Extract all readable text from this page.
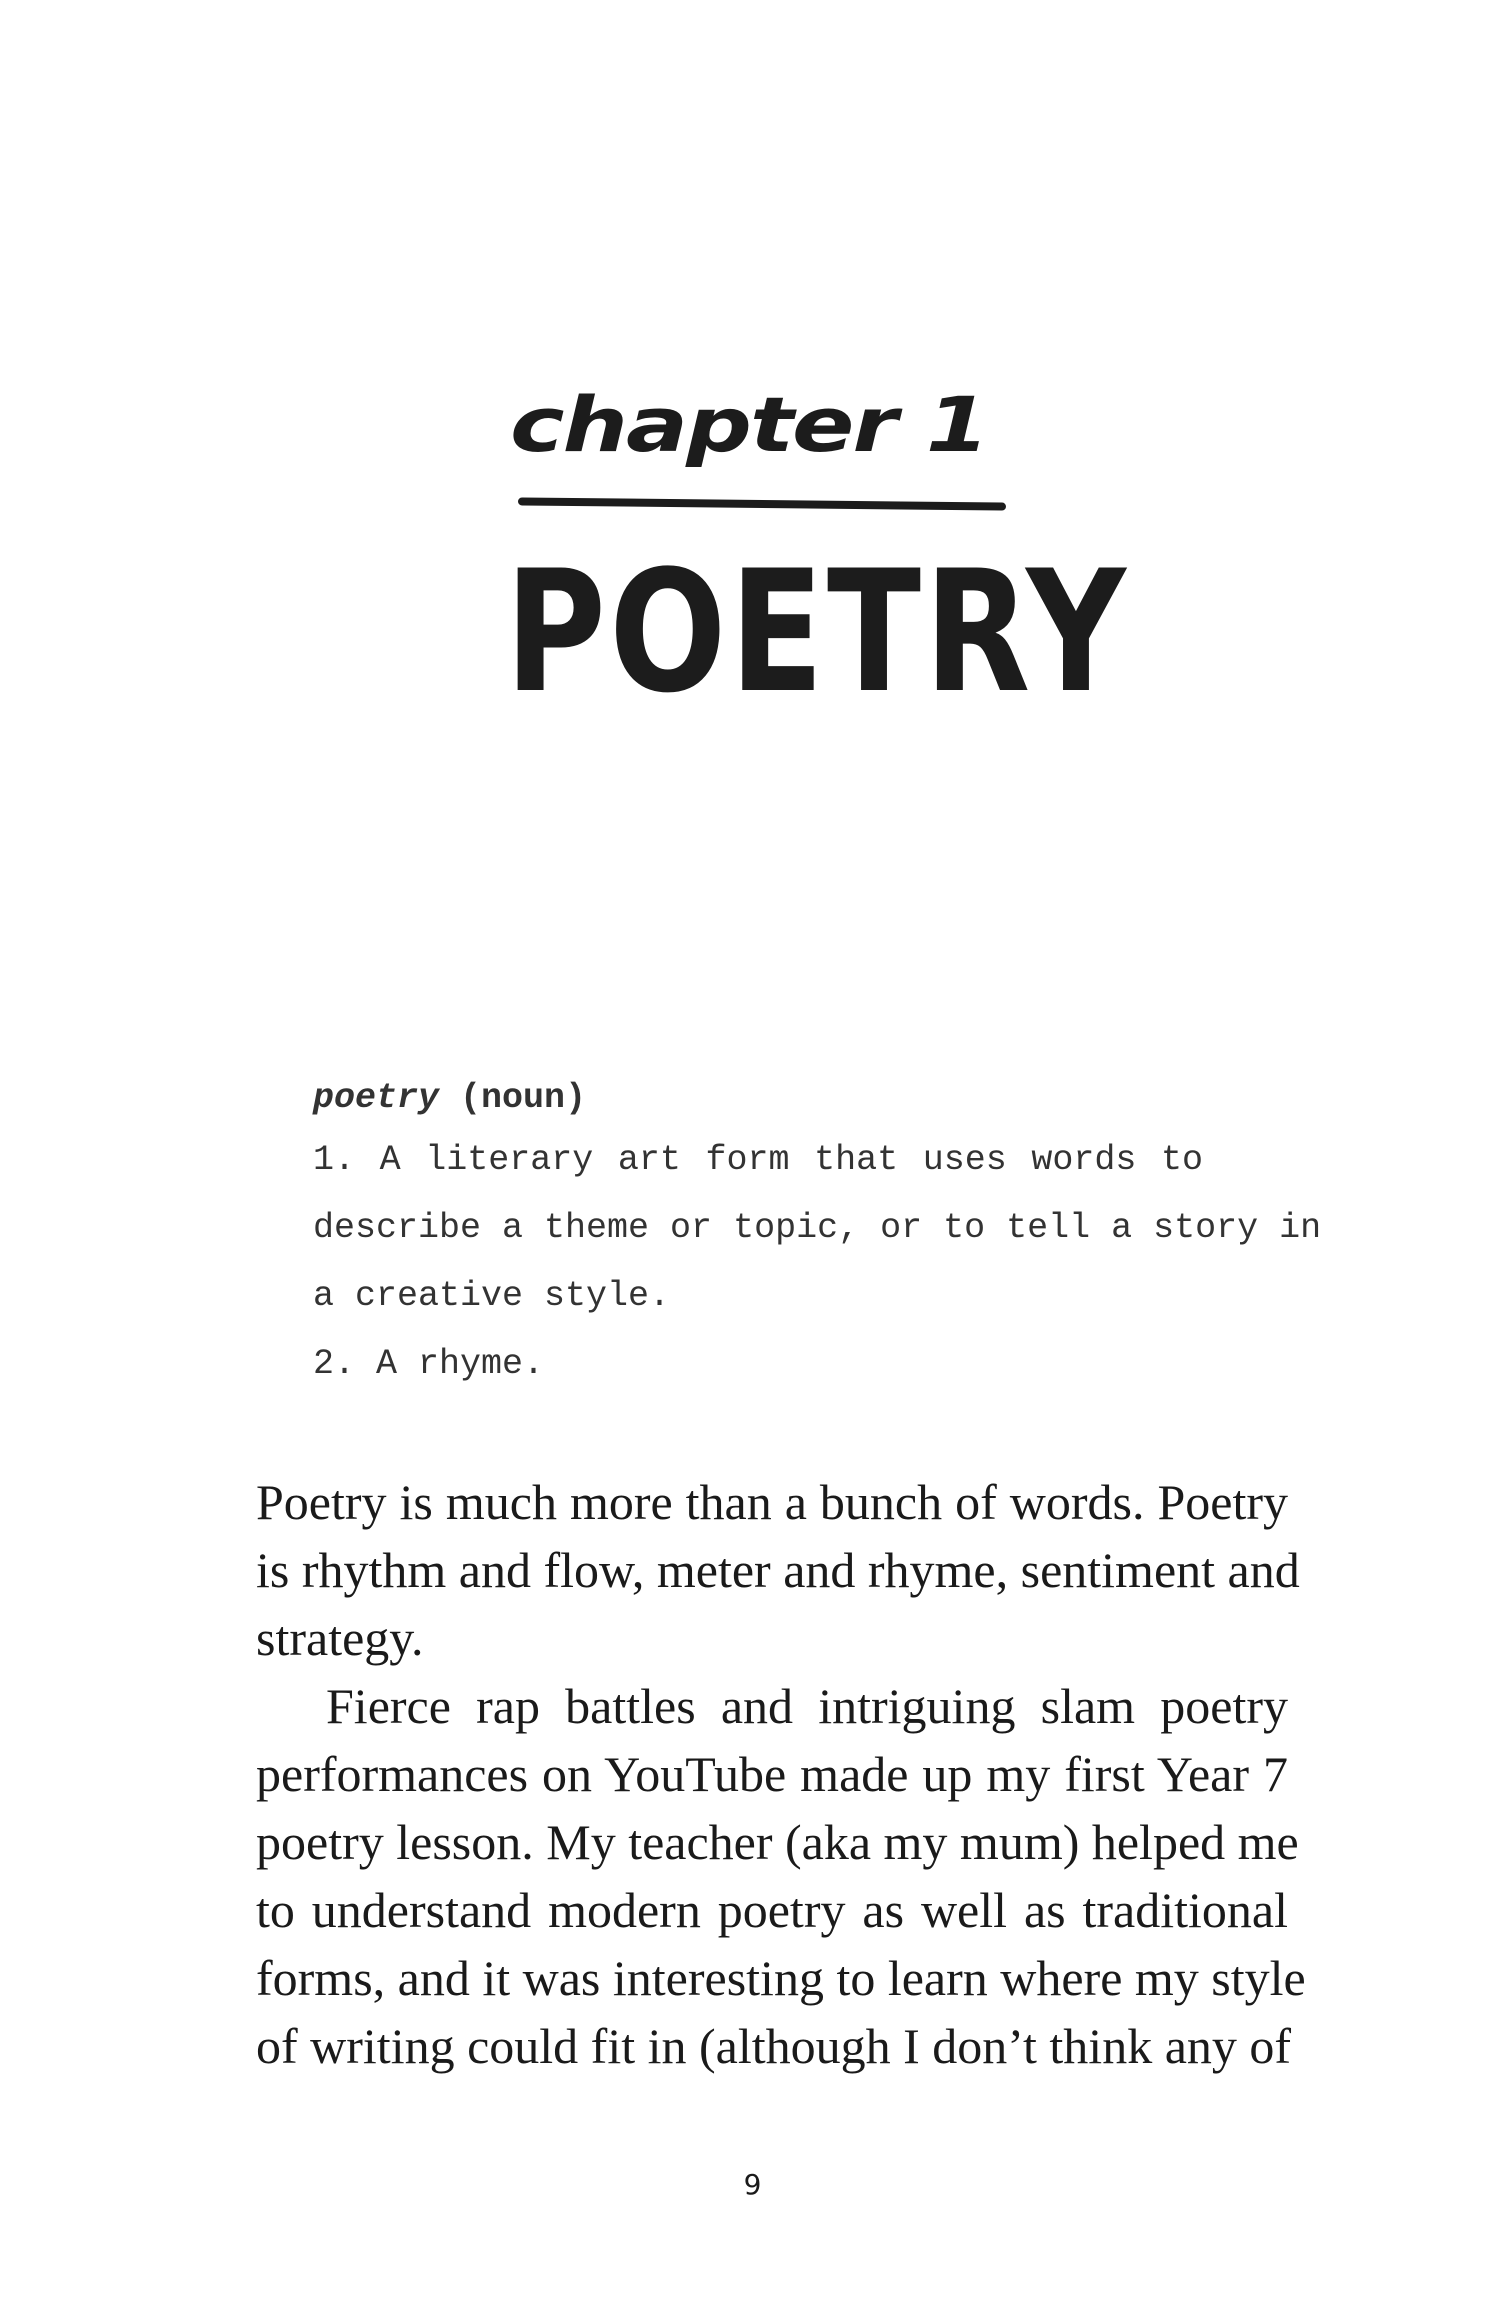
chapter 1
POETRY
poetry (noun)
1. A literary art form that uses words to
describe a theme or topic, or to tell a story in
a creative style.
2. A rhyme.
Poetry is much more than a bunch of words. Poetry
is rhythm and flow, meter and rhyme, sentiment and
strategy.
Fierce rap battles and intriguing slam poetry
performances on YouTube made up my first Year 7
poetry lesson. My teacher (aka my mum) helped me
to understand modern poetry as well as traditional
forms, and it was interesting to learn where my style
of writing could fit in (although I don’t think any of
9
